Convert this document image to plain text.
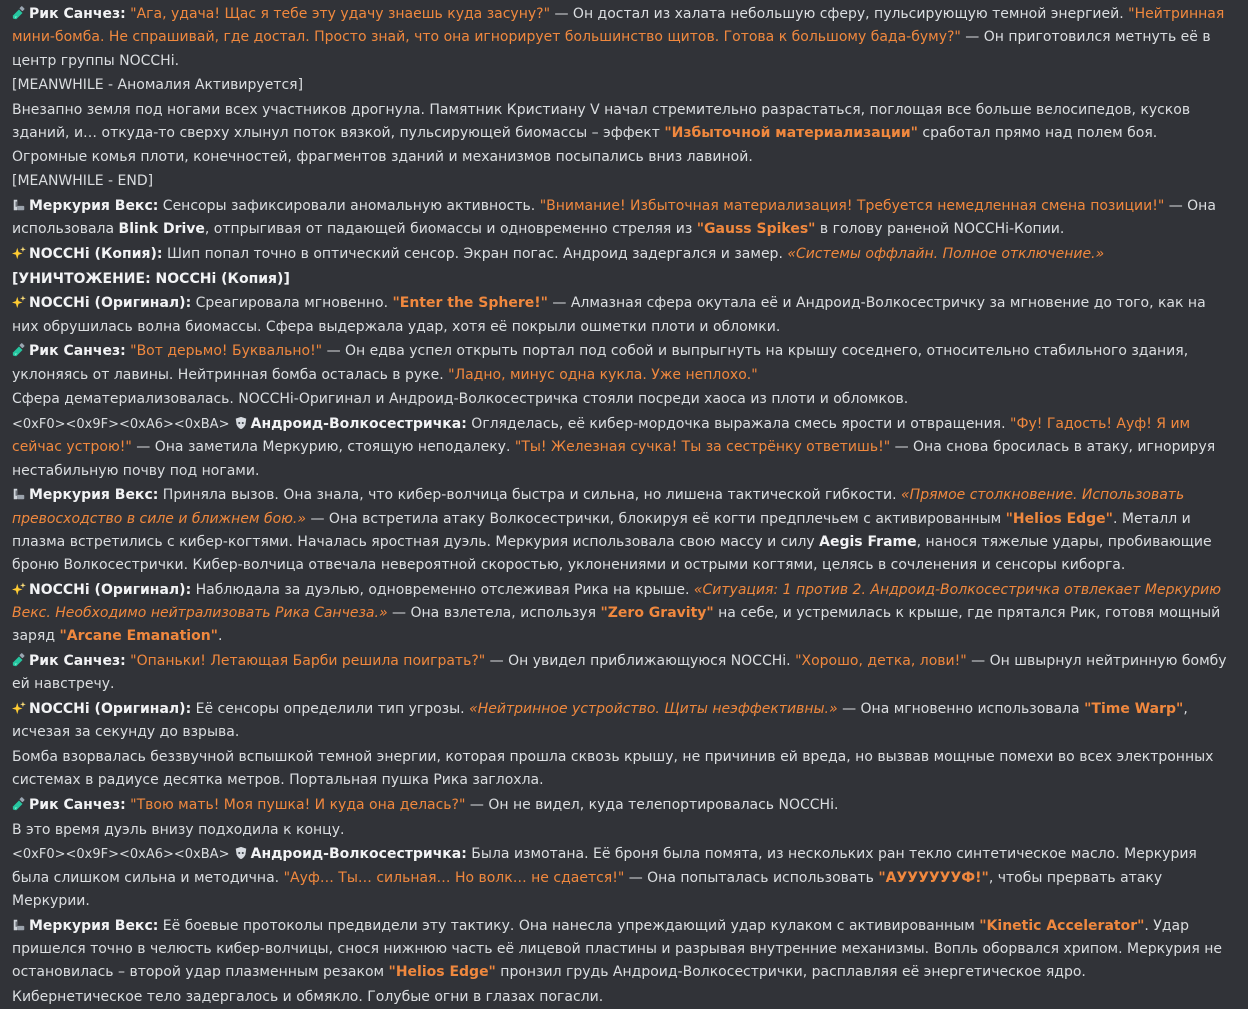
Рик Санчез: "Ага, удача! Щас я тебе эту удачу знаешь куда засуну?" — Он достал из халата небольшую сферу, пульсирующую темной энергией. "Нейтринная мини-бомба. Не спрашивай, где достал. Просто знай, что она игнорирует большинство щитов. Готова к большому бада-буму?" — Он приготовился метнуть её в центр группы NOCCHi.
[MEANWHILE - Аномалия Активируется]
Внезапно земля под ногами всех участников дрогнула. Памятник Кристиану V начал стремительно разрастаться, поглощая все больше велосипедов, кусков зданий, и… откуда-то сверху хлынул поток вязкой, пульсирующей биомассы – эффект "Избыточной материализации" сработал прямо над полем боя. Огромные комья плоти, конечностей, фрагментов зданий и механизмов посыпались вниз лавиной.
[MEANWHILE - END]
Меркурия Векс: Сенсоры зафиксировали аномальную активность. "Внимание! Избыточная материализация! Требуется немедленная смена позиции!" — Она использовала Blink Drive, отпрыгивая от падающей биомассы и одновременно стреляя из "Gauss Spikes" в голову раненой NOCCHi-Копии.
NOCCHi (Копия): Шип попал точно в оптический сенсор. Экран погас. Андроид задергался и замер. «Системы оффлайн. Полное отключение.»
[УНИЧТОЖЕНИЕ: NOCCHi (Копия)]
NOCCHi (Оригинал): Среагировала мгновенно. "Enter the Sphere!" — Алмазная сфера окутала её и Андроид-Волкосестричку за мгновение до того, как на них обрушилась волна биомассы. Сфера выдержала удар, хотя её покрыли ошметки плоти и обломки.
Рик Санчез: "Вот дерьмо! Буквально!" — Он едва успел открыть портал под собой и выпрыгнуть на крышу соседнего, относительно стабильного здания, уклоняясь от лавины. Нейтринная бомба осталась в руке. "Ладно, минус одна кукла. Уже неплохо."
Сфера дематериализовалась. NOCCHi-Оригинал и Андроид-Волкосестричка стояли посреди хаоса из плоти и обломков.
<0xF0><0x9F><0xA6><0xBA> Андроид-Волкосестричка: Огляделась, её кибер-мордочка выражала смесь ярости и отвращения. "Фу! Гадость! Ауф! Я им сейчас устрою!" — Она заметила Меркурию, стоящую неподалеку. "Ты! Железная сучка! Ты за сестрёнку ответишь!" — Она снова бросилась в атаку, игнорируя нестабильную почву под ногами.
Меркурия Векс: Приняла вызов. Она знала, что кибер-волчица быстра и сильна, но лишена тактической гибкости. «Прямое столкновение. Использовать превосходство в силе и ближнем бою.» — Она встретила атаку Волкосестрички, блокируя её когти предплечьем с активированным "Helios Edge". Металл и плазма встретились с кибер-когтями. Началась яростная дуэль. Меркурия использовала свою массу и силу Aegis Frame, нанося тяжелые удары, пробивающие броню Волкосестрички. Кибер-волчица отвечала невероятной скоростью, уклонениями и острыми когтями, целясь в сочленения и сенсоры киборга.
NOCCHi (Оригинал): Наблюдала за дуэлью, одновременно отслеживая Рика на крыше. «Ситуация: 1 против 2. Андроид-Волкосестричка отвлекает Меркурию Векс. Необходимо нейтрализовать Рика Санчеза.» — Она взлетела, используя "Zero Gravity" на себе, и устремилась к крыше, где прятался Рик, готовя мощный заряд "Arcane Emanation".
Рик Санчез: "Опаньки! Летающая Барби решила поиграть?" — Он увидел приближающуюся NOCCHi. "Хорошо, детка, лови!" — Он швырнул нейтринную бомбу ей навстречу.
NOCCHi (Оригинал): Её сенсоры определили тип угрозы. «Нейтринное устройство. Щиты неэффективны.» — Она мгновенно использовала "Time Warp", исчезая за секунду до взрыва.
Бомба взорвалась беззвучной вспышкой темной энергии, которая прошла сквозь крышу, не причинив ей вреда, но вызвав мощные помехи во всех электронных системах в радиусе десятка метров. Портальная пушка Рика заглохла.
Рик Санчез: "Твою мать! Моя пушка! И куда она делась?" — Он не видел, куда телепортировалась NOCCHi.
В это время дуэль внизу подходила к концу.
<0xF0><0x9F><0xA6><0xBA> Андроид-Волкосестричка: Была измотана. Её броня была помята, из нескольких ран текло синтетическое масло. Меркурия была слишком сильна и методична. "Ауф… Ты… сильная… Но волк… не сдается!" — Она попыталась использовать "АУУУУУУФ!", чтобы прервать атаку Меркурии.
Меркурия Векс: Её боевые протоколы предвидели эту тактику. Она нанесла упреждающий удар кулаком с активированным "Kinetic Accelerator". Удар пришелся точно в челюсть кибер-волчицы, снося нижнюю часть её лицевой пластины и разрывая внутренние механизмы. Вопль оборвался хрипом. Меркурия не остановилась – второй удар плазменным резаком "Helios Edge" пронзил грудь Андроид-Волкосестрички, расплавляя её энергетическое ядро.
Кибернетическое тело задергалось и обмякло. Голубые огни в глазах погасли.
